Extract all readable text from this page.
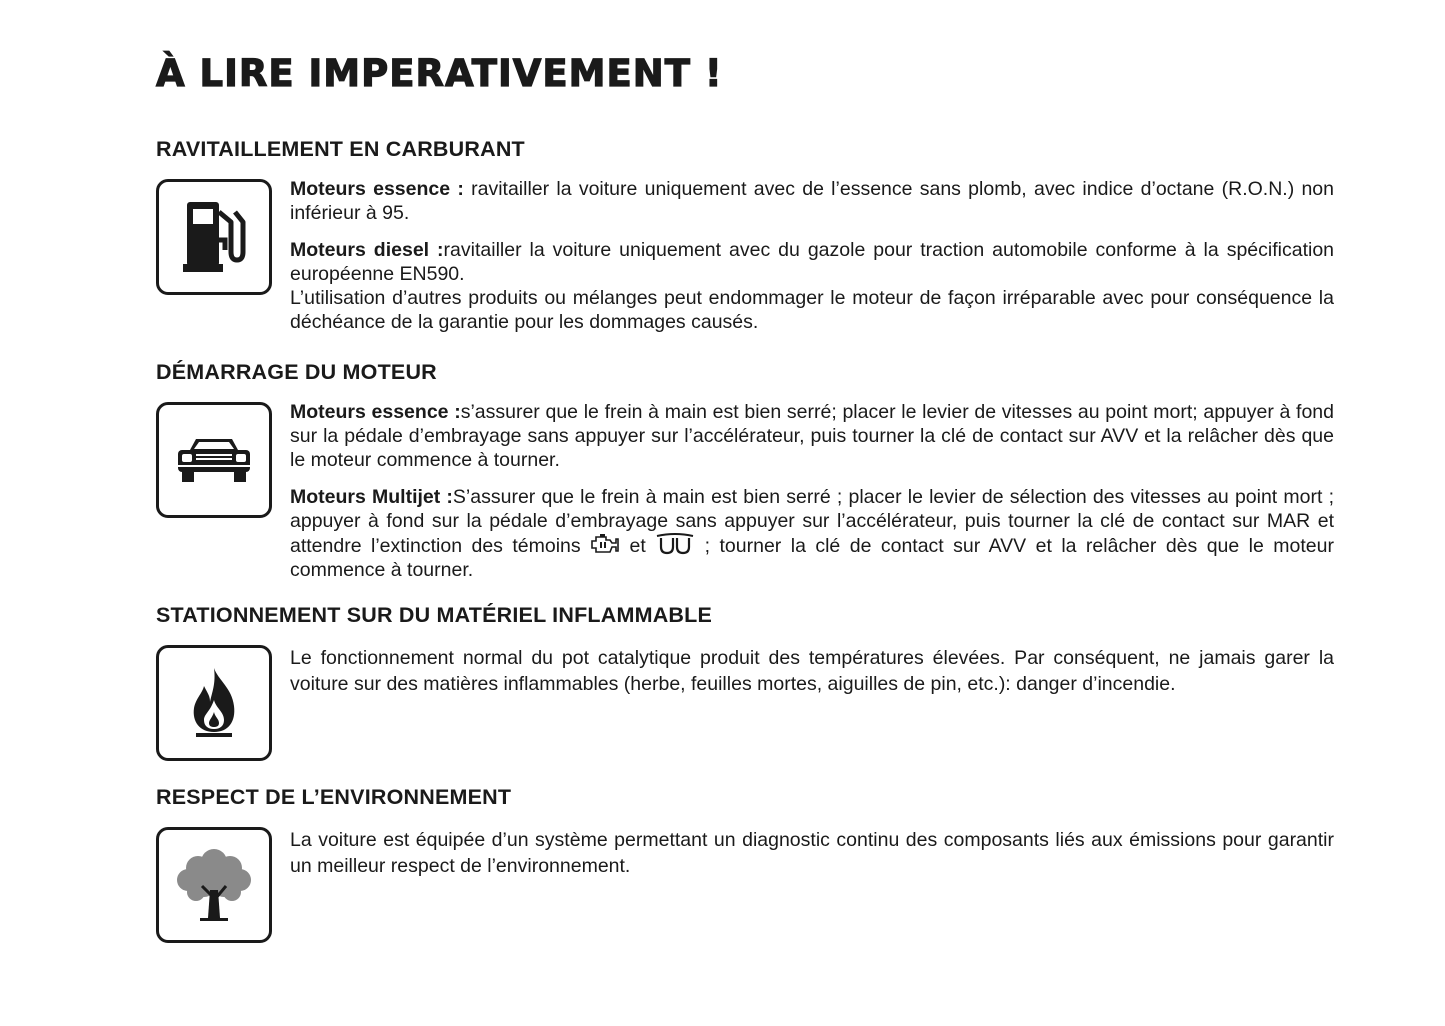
À LIRE IMPERATIVEMENT !
RAVITAILLEMENT EN CARBURANT

Moteurs essence : ravitailler la voiture uniquement avec de l’essence sans plomb, avec indice d’octane (R.O.N.) non inférieur à 95.

Moteurs diesel :ravitailler la voiture uniquement avec du gazole pour traction automobile conforme à la spécification européenne EN590.
L’utilisation d’autres produits ou mélanges peut endommager le moteur de façon irréparable avec pour conséquence la déchéance de la garantie pour les dommages causés.

DÉMARRAGE DU MOTEUR

Moteurs essence :s’assurer que le frein à main est bien serré; placer le levier de vitesses au point mort; appuyer à fond sur la pédale d’embrayage sans appuyer sur l’accélérateur, puis tourner la clé de contact sur AVV et la relâcher dès que le moteur commence à tourner.

Moteurs Multijet :S’assurer que le frein à main est bien serré ; placer le levier de sélection des vitesses au point mort ; appuyer à fond sur la pédale d’embrayage sans appuyer sur l’accélérateur, puis tourner la clé de contact sur MAR et attendre l’extinction des témoins  et  ; tourner la clé de contact sur AVV et la relâcher dès que le moteur commence à tourner.

STATIONNEMENT SUR DU MATÉRIEL INFLAMMABLE

Le fonctionnement normal du pot catalytique produit des températures élevées. Par conséquent, ne jamais garer la voiture sur des matières inflammables (herbe, feuilles mortes, aiguilles de pin, etc.): danger d’incendie.

RESPECT DE L’ENVIRONNEMENT

La voiture est équipée d’un système permettant un diagnostic continu des composants liés aux émissions pour garantir un meilleur respect de l’environnement.
